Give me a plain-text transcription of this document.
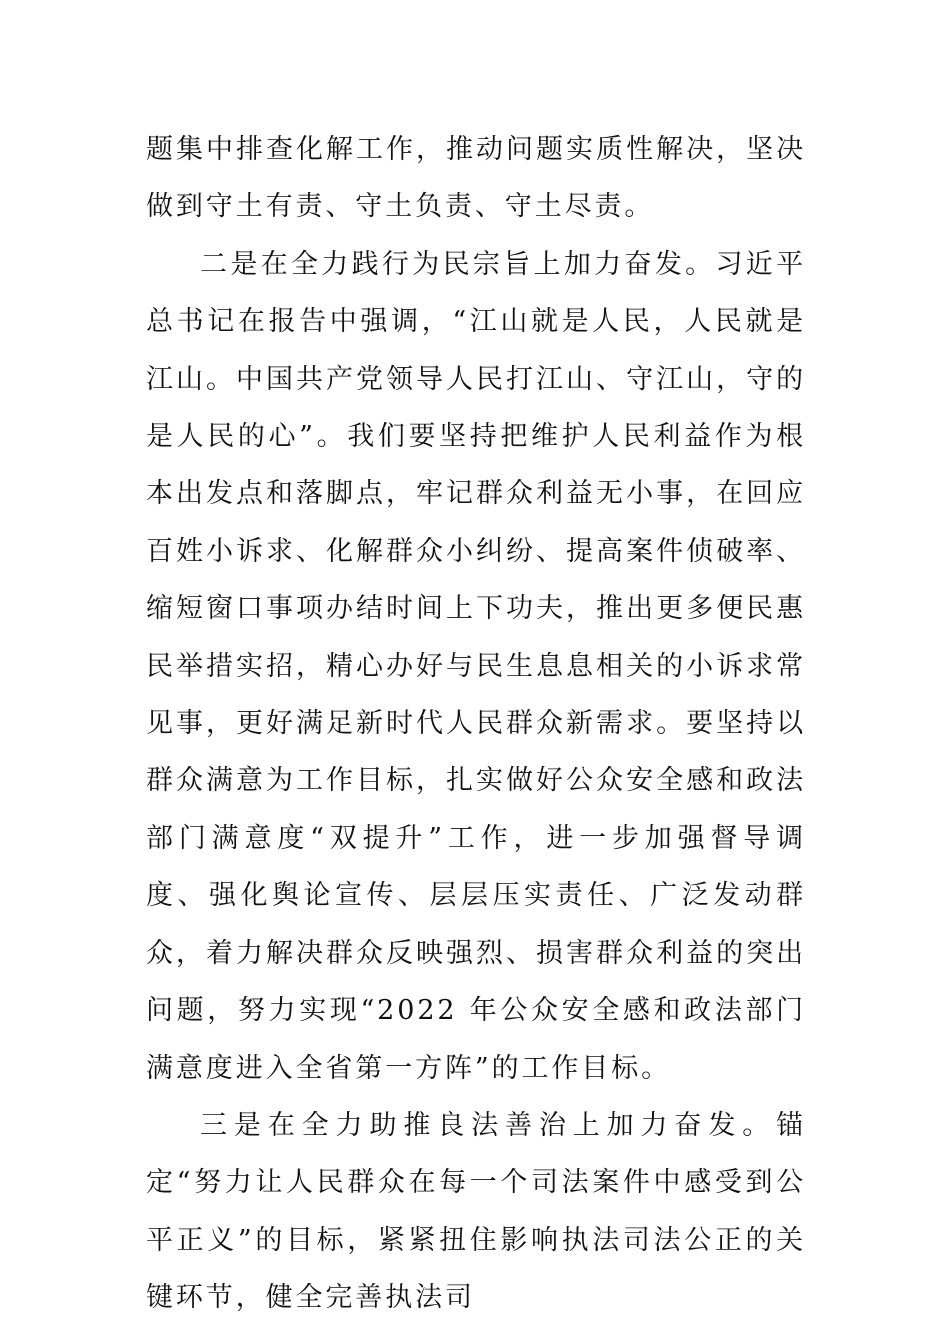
题集中排查化解工作，推动问题实质性解决，坚决做到守土有责、守土负责、守土尽责。

二是在全力践行为民宗旨上加力奋发。习近平总书记在报告中强调，“江山就是人民，人民就是江山。中国共产党领导人民打江山、守江山，守的是人民的心”。我们要坚持把维护人民利益作为根本出发点和落脚点，牢记群众利益无小事，在回应百姓小诉求、化解群众小纠纷、提高案件侦破率、缩短窗口事项办结时间上下功夫，推出更多便民惠民举措实招，精心办好与民生息息相关的小诉求常见事，更好满足新时代人民群众新需求。要坚持以群众满意为工作目标，扎实做好公众安全感和政法部门满意度“双提升”工作，进一步加强督导调度、强化舆论宣传、层层压实责任、广泛发动群众，着力解决群众反映强烈、损害群众利益的突出问题，努力实现“2022 年公众安全感和政法部门满意度进入全省第一方阵”的工作目标。

三是在全力助推良法善治上加力奋发。锚定“努力让人民群众在每一个司法案件中感受到公平正义”的目标，紧紧扭住影响执法司法公正的关键环节，健全完善执法司
